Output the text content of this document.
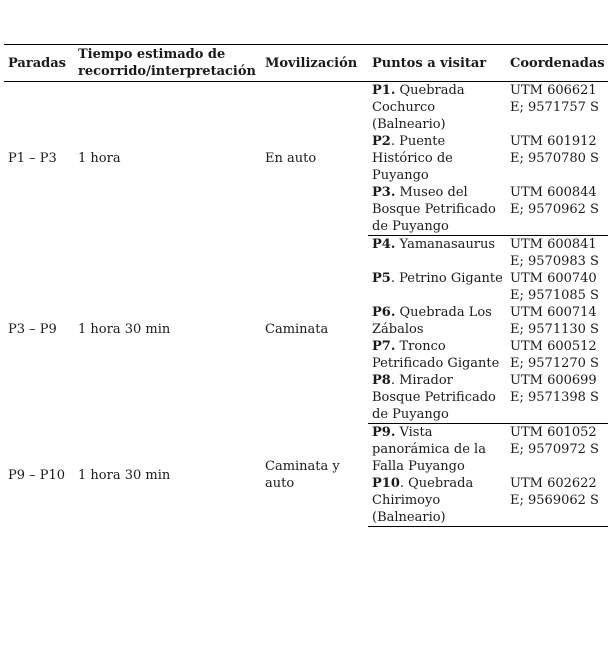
Paradas	Tiempo estimado de recorrido/interpretación	Movilización	Puntos a visitar	Coordenadas
P1 – P3	1 hora	En auto	P1. Quebrada Cochurco (Balneario)	UTM 606621 E; 9571757 S
			P2. Puente Histórico de Puyango	UTM 601912 E; 9570780 S
			P3. Museo del Bosque Petrificado de Puyango	UTM 600844 E; 9570962 S
P3 – P9	1 hora 30 min	Caminata	P4. Yamanasaurus	UTM 600841 E; 9570983 S
			P5. Petrino Gigante	UTM 600740 E; 9571085 S
			P6. Quebrada Los Zábalos	UTM 600714 E; 9571130 S
			P7. Tronco Petrificado Gigante	UTM 600512 E; 9571270 S
			P8. Mirador Bosque Petrificado de Puyango	UTM 600699 E; 9571398 S
P9 – P10	1 hora 30 min	Caminata y auto	P9. Vista panorámica de la Falla Puyango	UTM 601052 E; 9570972 S
			P10. Quebrada Chirimoyo (Balneario)	UTM 602622 E; 9569062 S
